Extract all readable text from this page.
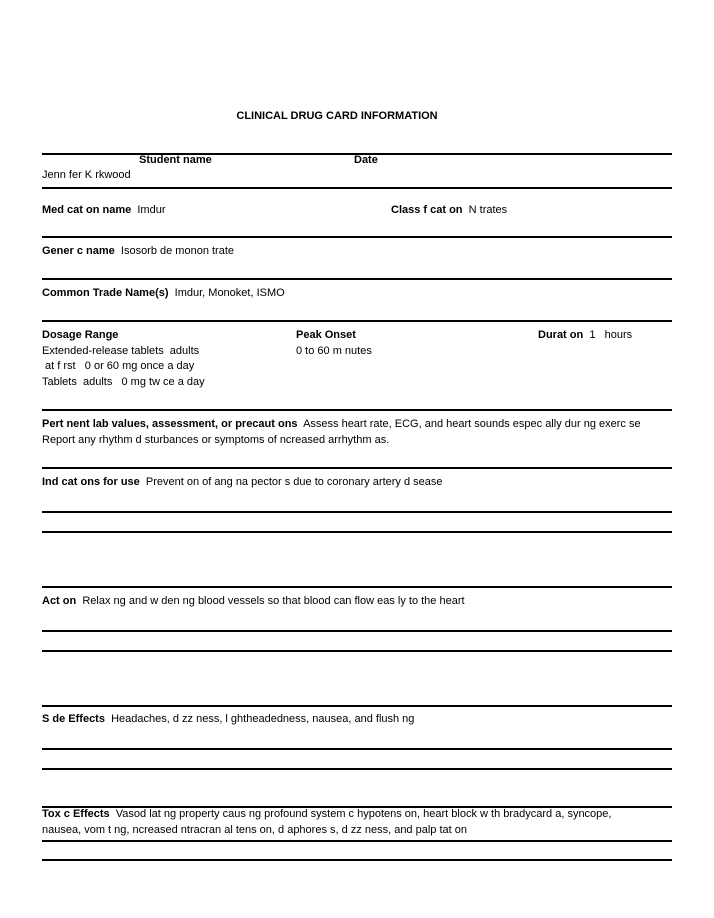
CLINICAL DRUG CARD INFORMATION
Student name	Date
Jenn fer K rkwood
Med cat on name Imdur	Class f cat on N trates
Gener c name Isosorb de monon trate
Common Trade Name(s) Imdur, Monoket, ISMO
Dosage Range
Extended-release tablets  adults
at f rst   0 or 60 mg once a day
Tablets  adults   0 mg tw ce a day
Peak Onset
0 to 60 m nutes
Durat on 1   hours
Pert nent lab values, assessment, or precaut ons Assess heart rate, ECG, and heart sounds espec ally dur ng exerc se
Report any rhythm d sturbances or symptoms of ncreased arrhythm as.
Ind cat ons for use Prevent on of ang na pector s due to coronary artery d sease
Act on Relax ng and w den ng blood vessels so that blood can flow eas ly to the heart
S de Effects Headaches, d zz ness, l ghtheadedness, nausea, and flush ng
Tox c Effects Vasod lat ng property caus ng profound system c hypotens on, heart block w th bradycard a, syncope,
nausea, vom t ng, ncreased ntracran al tens on, d aphores s, d zz ness, and palp tat on
